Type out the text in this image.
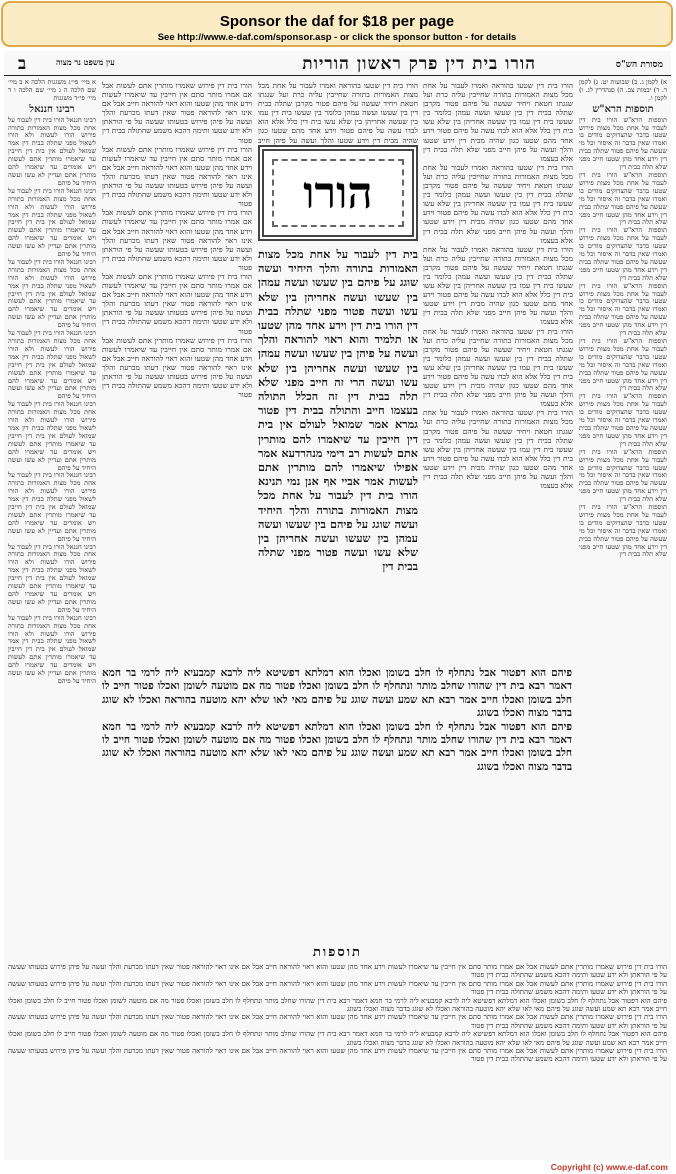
Sponsor the daf for $18 per page
See http://www.e-daf.com/sponsor.asp - or click the sponsor button - for details
מסורת הש"ס
הורו בית דין פרק ראשון הוריות
עין משפט נר מצוה
ב
א) לקמן ג. ב) שבועות יט. ג) לקמן ד. ד) יבמות צב. ה) סנהדרין לג. ו) לקמן ו.
תוספות הרא"ש
תוספות הרא"ש הורו בית דין לעבור על אחת מכל מצות פירוש שטעו בדבר שהצדוקים מודים בו ואמרו שאין בדבר זה איסור וכל מי שעשה על פיהם פטור שתלה בבית דין וידע אחד מהן שטעו חייב מפני שלא תלה בבית דין
תוספות הרא"ש הורו בית דין לעבור על אחת מכל מצות פירוש שטעו בדבר שהצדוקים מודים בו ואמרו שאין בדבר זה איסור וכל מי שעשה על פיהם פטור שתלה בבית דין וידע אחד מהן שטעו חייב מפני שלא תלה בבית דין
תוספות הרא"ש הורו בית דין לעבור על אחת מכל מצות פירוש שטעו בדבר שהצדוקים מודים בו ואמרו שאין בדבר זה איסור וכל מי שעשה על פיהם פטור שתלה בבית דין וידע אחד מהן שטעו חייב מפני שלא תלה בבית דין
תוספות הרא"ש הורו בית דין לעבור על אחת מכל מצות פירוש שטעו בדבר שהצדוקים מודים בו ואמרו שאין בדבר זה איסור וכל מי שעשה על פיהם פטור שתלה בבית דין וידע אחד מהן שטעו חייב מפני שלא תלה בבית דין
תוספות הרא"ש הורו בית דין לעבור על אחת מכל מצות פירוש שטעו בדבר שהצדוקים מודים בו ואמרו שאין בדבר זה איסור וכל מי שעשה על פיהם פטור שתלה בבית דין וידע אחד מהן שטעו חייב מפני שלא תלה בבית דין
תוספות הרא"ש הורו בית דין לעבור על אחת מכל מצות פירוש שטעו בדבר שהצדוקים מודים בו ואמרו שאין בדבר זה איסור וכל מי שעשה על פיהם פטור שתלה בבית דין וידע אחד מהן שטעו חייב מפני שלא תלה בבית דין
תוספות הרא"ש הורו בית דין לעבור על אחת מכל מצות פירוש שטעו בדבר שהצדוקים מודים בו ואמרו שאין בדבר זה איסור וכל מי שעשה על פיהם פטור שתלה בבית דין וידע אחד מהן שטעו חייב מפני שלא תלה בבית דין
תוספות הרא"ש הורו בית דין לעבור על אחת מכל מצות פירוש שטעו בדבר שהצדוקים מודים בו ואמרו שאין בדבר זה איסור וכל מי שעשה על פיהם פטור שתלה בבית דין וידע אחד מהן שטעו חייב מפני שלא תלה בבית דין
א מיי׳ פי״ג משגגות הלכה א ב מיי׳ שם הלכה ה ג מיי׳ שם הלכה ו ד מיי׳ פי״ד משגגות
רבינו חננאל
רבינו חננאל הורו בית דין לעבור על אחת מכל מצות האמורות בתורה פירוש הורו לעשות ולא הורו לשאול מפני שתלה בבית דין אמר שמואל לעולם אין בית דין חייבין עד שיאמרו מותרין אתם לעשות ויש אומרים עד שיאמרו להם מותרין אתם ועדיין לא עשו ועשה היחיד על פיהם
רבינו חננאל הורו בית דין לעבור על אחת מכל מצות האמורות בתורה פירוש הורו לעשות ולא הורו לשאול מפני שתלה בבית דין אמר שמואל לעולם אין בית דין חייבין עד שיאמרו מותרין אתם לעשות ויש אומרים עד שיאמרו להם מותרין אתם ועדיין לא עשו ועשה היחיד על פיהם
רבינו חננאל הורו בית דין לעבור על אחת מכל מצות האמורות בתורה פירוש הורו לעשות ולא הורו לשאול מפני שתלה בבית דין אמר שמואל לעולם אין בית דין חייבין עד שיאמרו מותרין אתם לעשות ויש אומרים עד שיאמרו להם מותרין אתם ועדיין לא עשו ועשה היחיד על פיהם
רבינו חננאל הורו בית דין לעבור על אחת מכל מצות האמורות בתורה פירוש הורו לעשות ולא הורו לשאול מפני שתלה בבית דין אמר שמואל לעולם אין בית דין חייבין עד שיאמרו מותרין אתם לעשות ויש אומרים עד שיאמרו להם מותרין אתם ועדיין לא עשו ועשה היחיד על פיהם
רבינו חננאל הורו בית דין לעבור על אחת מכל מצות האמורות בתורה פירוש הורו לעשות ולא הורו לשאול מפני שתלה בבית דין אמר שמואל לעולם אין בית דין חייבין עד שיאמרו מותרין אתם לעשות ויש אומרים עד שיאמרו להם מותרין אתם ועדיין לא עשו ועשה היחיד על פיהם
רבינו חננאל הורו בית דין לעבור על אחת מכל מצות האמורות בתורה פירוש הורו לעשות ולא הורו לשאול מפני שתלה בבית דין אמר שמואל לעולם אין בית דין חייבין עד שיאמרו מותרין אתם לעשות ויש אומרים עד שיאמרו להם מותרין אתם ועדיין לא עשו ועשה היחיד על פיהם
רבינו חננאל הורו בית דין לעבור על אחת מכל מצות האמורות בתורה פירוש הורו לעשות ולא הורו לשאול מפני שתלה בבית דין אמר שמואל לעולם אין בית דין חייבין עד שיאמרו מותרין אתם לעשות ויש אומרים עד שיאמרו להם מותרין אתם ועדיין לא עשו ועשה היחיד על פיהם
רבינו חננאל הורו בית דין לעבור על אחת מכל מצות האמורות בתורה פירוש הורו לעשות ולא הורו לשאול מפני שתלה בבית דין אמר שמואל לעולם אין בית דין חייבין עד שיאמרו מותרין אתם לעשות ויש אומרים עד שיאמרו להם מותרין אתם ועדיין לא עשו ועשה היחיד על פיהם
הורו בית דין שטעו בהוראה ואמרו לעבור על אחת מכל מצות האמורות בתורה שחייבין עליה כרת ועל שגגתו חטאת ויחיד שעשה על פיהם פטור מקרבן שתלה בבית דין בין שעשו ועשה עמהן כלומר בין שעשו בית דין עמו בין שעשה אחריהן בין שלא עשו בית דין כלל אלא הוא לבדו עשה על פיהם פטור וידע אחד מהם שטעו כגון שהיה מבית דין וידע שטעו והלך ועשה על פיהן חייב מפני שלא תלה בבית דין אלא בעצמו
הורו בית דין שטעו בהוראה ואמרו לעבור על אחת מכל מצות האמורות בתורה שחייבין עליה כרת ועל שגגתו חטאת ויחיד שעשה על פיהם פטור מקרבן שתלה בבית דין בין שעשו ועשה עמהן כלומר בין שעשו בית דין עמו בין שעשה אחריהן בין שלא עשו בית דין כלל אלא הוא לבדו עשה על פיהם פטור וידע אחד מהם שטעו כגון שהיה מבית דין וידע שטעו והלך ועשה על פיהן חייב מפני שלא תלה בבית דין אלא בעצמו
הורו בית דין שטעו בהוראה ואמרו לעבור על אחת מכל מצות האמורות בתורה שחייבין עליה כרת ועל שגגתו חטאת ויחיד שעשה על פיהם פטור מקרבן שתלה בבית דין בין שעשו ועשה עמהן כלומר בין שעשו בית דין עמו בין שעשה אחריהן בין שלא עשו בית דין כלל אלא הוא לבדו עשה על פיהם פטור וידע אחד מהם שטעו כגון שהיה מבית דין וידע שטעו והלך ועשה על פיהן חייב מפני שלא תלה בבית דין אלא בעצמו
הורו בית דין שטעו בהוראה ואמרו לעבור על אחת מכל מצות האמורות בתורה שחייבין עליה כרת ועל שגגתו חטאת ויחיד שעשה על פיהם פטור מקרבן שתלה בבית דין בין שעשו ועשה עמהן כלומר בין שעשו בית דין עמו בין שעשה אחריהן בין שלא עשו בית דין כלל אלא הוא לבדו עשה על פיהם פטור וידע אחד מהם שטעו כגון שהיה מבית דין וידע שטעו והלך ועשה על פיהן חייב מפני שלא תלה בבית דין אלא בעצמו
הורו בית דין שטעו בהוראה ואמרו לעבור על אחת מכל מצות האמורות בתורה שחייבין עליה כרת ועל שגגתו חטאת ויחיד שעשה על פיהם פטור מקרבן שתלה בבית דין בין שעשו ועשה עמהן כלומר בין שעשו בית דין עמו בין שעשה אחריהן בין שלא עשו בית דין כלל אלא הוא לבדו עשה על פיהם פטור וידע אחד מהם שטעו כגון שהיה מבית דין וידע שטעו והלך ועשה על פיהן חייב מפני שלא תלה בבית דין אלא בעצמו
הורו בית דין פירוש שאמרו מותרין אתם לעשות אבל אם אמרו מותר סתם אין חייבין עד שיאמרו לעשות וידע אחד מהן שטעו והוא ראוי להוראה חייב אבל אם אינו ראוי להוראה פטור שאין דעתו מכרעת והלך ועשה על פיהן פירוש בטעותו שעשה על פי הוראתן ולא ידע שטעו ותימה דהכא משמע שהתולה בבית דין פטור
הורו בית דין פירוש שאמרו מותרין אתם לעשות אבל אם אמרו מותר סתם אין חייבין עד שיאמרו לעשות וידע אחד מהן שטעו והוא ראוי להוראה חייב אבל אם אינו ראוי להוראה פטור שאין דעתו מכרעת והלך ועשה על פיהן פירוש בטעותו שעשה על פי הוראתן ולא ידע שטעו ותימה דהכא משמע שהתולה בבית דין פטור
הורו בית דין פירוש שאמרו מותרין אתם לעשות אבל אם אמרו מותר סתם אין חייבין עד שיאמרו לעשות וידע אחד מהן שטעו והוא ראוי להוראה חייב אבל אם אינו ראוי להוראה פטור שאין דעתו מכרעת והלך ועשה על פיהן פירוש בטעותו שעשה על פי הוראתן ולא ידע שטעו ותימה דהכא משמע שהתולה בבית דין פטור
הורו בית דין פירוש שאמרו מותרין אתם לעשות אבל אם אמרו מותר סתם אין חייבין עד שיאמרו לעשות וידע אחד מהן שטעו והוא ראוי להוראה חייב אבל אם אינו ראוי להוראה פטור שאין דעתו מכרעת והלך ועשה על פיהן פירוש בטעותו שעשה על פי הוראתן ולא ידע שטעו ותימה דהכא משמע שהתולה בבית דין פטור
הורו בית דין פירוש שאמרו מותרין אתם לעשות אבל אם אמרו מותר סתם אין חייבין עד שיאמרו לעשות וידע אחד מהן שטעו והוא ראוי להוראה חייב אבל אם אינו ראוי להוראה פטור שאין דעתו מכרעת והלך ועשה על פיהן פירוש בטעותו שעשה על פי הוראתן ולא ידע שטעו ותימה דהכא משמע שהתולה בבית דין פטור
הורו בית דין שטעו בהוראה ואמרו לעבור על אחת מכל מצות האמורות בתורה שחייבין עליה כרת ועל שגגתו חטאת ויחיד שעשה על פיהם פטור מקרבן שתלה בבית דין בין שעשו ועשה עמהן כלומר בין שעשו בית דין עמו בין שעשה אחריהן בין שלא עשו בית דין כלל אלא הוא לבדו עשה על פיהם פטור וידע אחד מהם שטעו כגון שהיה מבית דין וידע שטעו והלך ועשה על פיהן חייב
הורו
בית דין לעבור על אחת מכל מצות האמורות בתורה והלך היחיד ועשה שוגג על פיהם בין שעשו ועשה עמהן בין שעשו ועשה אחריהן בין שלא עשו ועשה פטור מפני שתלה בבית דין הורו בית דין וידע אחד מהן שטעו או תלמיד והוא ראוי להוראה והלך ועשה על פיהן בין שעשו ועשה עמהן בין שעשו ועשה אחריהן בין שלא עשו ועשה הרי זה חייב מפני שלא תלה בבית דין זה הכלל התולה בעצמו חייב והתולה בבית דין פטור גמרא אמר שמואל לעולם אין בית דין חייבין עד שיאמרו להם מותרין אתם לעשות רב דימי מנהרדעא אמר אפילו שיאמרו להם מותרין אתם לעשות אמר אביי אף אנן נמי תנינא הורו בית דין לעבור על אחת מכל מצות האמורות בתורה והלך היחיד ועשה שוגג על פיהם בין שעשו ועשה עמהן בין שעשו ועשה אחריהן בין שלא עשו ועשה פטור מפני שתלה בבית דין
פיהם הוא דפטור אבל נתחלף לו חלב בשומן ואכלו הוא דמלתא דפשיטא ליה לרבא קמבעיא ליה לרמי בר חמא דאמר רבא בית דין שהורו שחלב מותר ונתחלף לו חלב בשומן ואכלו פטור מה אם מוטעה לשומן ואכלו פטור חייב לו חלב בשומן ואכלו חייב אמר רבא תא שמע ועשה שוגג על פיהם מאי לאו שלא יהא מוטעה בהוראה ואכלו לא שוגג בדבר מצוה ואכלו בשוגג
פיהם הוא דפטור אבל נתחלף לו חלב בשומן ואכלו הוא דמלתא דפשיטא ליה לרבא קמבעיא ליה לרמי בר חמא דאמר רבא בית דין שהורו שחלב מותר ונתחלף לו חלב בשומן ואכלו פטור מה אם מוטעה לשומן ואכלו פטור חייב לו חלב בשומן ואכלו חייב אמר רבא תא שמע ועשה שוגג על פיהם מאי לאו שלא יהא מוטעה בהוראה ואכלו לא שוגג בדבר מצוה ואכלו בשוגג
תוספות
הורו בית דין פירוש שאמרו מותרין אתם לעשות אבל אם אמרו מותר סתם אין חייבין עד שיאמרו לעשות וידע אחד מהן שטעו והוא ראוי להוראה חייב אבל אם אינו ראוי להוראה פטור שאין דעתו מכרעת והלך ועשה על פיהן פירוש בטעותו שעשה על פי הוראתן ולא ידע שטעו ותימה דהכא משמע שהתולה בבית דין פטור
הורו בית דין פירוש שאמרו מותרין אתם לעשות אבל אם אמרו מותר סתם אין חייבין עד שיאמרו לעשות וידע אחד מהן שטעו והוא ראוי להוראה חייב אבל אם אינו ראוי להוראה פטור שאין דעתו מכרעת והלך ועשה על פיהן פירוש בטעותו שעשה על פי הוראתן ולא ידע שטעו ותימה דהכא משמע שהתולה בבית דין פטור
פיהם הוא דפטור אבל נתחלף לו חלב בשומן ואכלו הוא דמלתא דפשיטא ליה לרבא קמבעיא ליה לרמי בר חמא דאמר רבא בית דין שהורו שחלב מותר ונתחלף לו חלב בשומן ואכלו פטור מה אם מוטעה לשומן ואכלו פטור חייב לו חלב בשומן ואכלו חייב אמר רבא תא שמע ועשה שוגג על פיהם מאי לאו שלא יהא מוטעה בהוראה ואכלו לא שוגג בדבר מצוה ואכלו בשוגג
הורו בית דין פירוש שאמרו מותרין אתם לעשות אבל אם אמרו מותר סתם אין חייבין עד שיאמרו לעשות וידע אחד מהן שטעו והוא ראוי להוראה חייב אבל אם אינו ראוי להוראה פטור שאין דעתו מכרעת והלך ועשה על פיהן פירוש בטעותו שעשה על פי הוראתן ולא ידע שטעו ותימה דהכא משמע שהתולה בבית דין פטור
פיהם הוא דפטור אבל נתחלף לו חלב בשומן ואכלו הוא דמלתא דפשיטא ליה לרבא קמבעיא ליה לרמי בר חמא דאמר רבא בית דין שהורו שחלב מותר ונתחלף לו חלב בשומן ואכלו פטור מה אם מוטעה לשומן ואכלו פטור חייב לו חלב בשומן ואכלו חייב אמר רבא תא שמע ועשה שוגג על פיהם מאי לאו שלא יהא מוטעה בהוראה ואכלו לא שוגג בדבר מצוה ואכלו בשוגג
הורו בית דין פירוש שאמרו מותרין אתם לעשות אבל אם אמרו מותר סתם אין חייבין עד שיאמרו לעשות וידע אחד מהן שטעו והוא ראוי להוראה חייב אבל אם אינו ראוי להוראה פטור שאין דעתו מכרעת והלך ועשה על פיהן פירוש בטעותו שעשה על פי הוראתן ולא ידע שטעו ותימה דהכא משמע שהתולה בבית דין פטור
Copyright (c) www.e-daf.com
